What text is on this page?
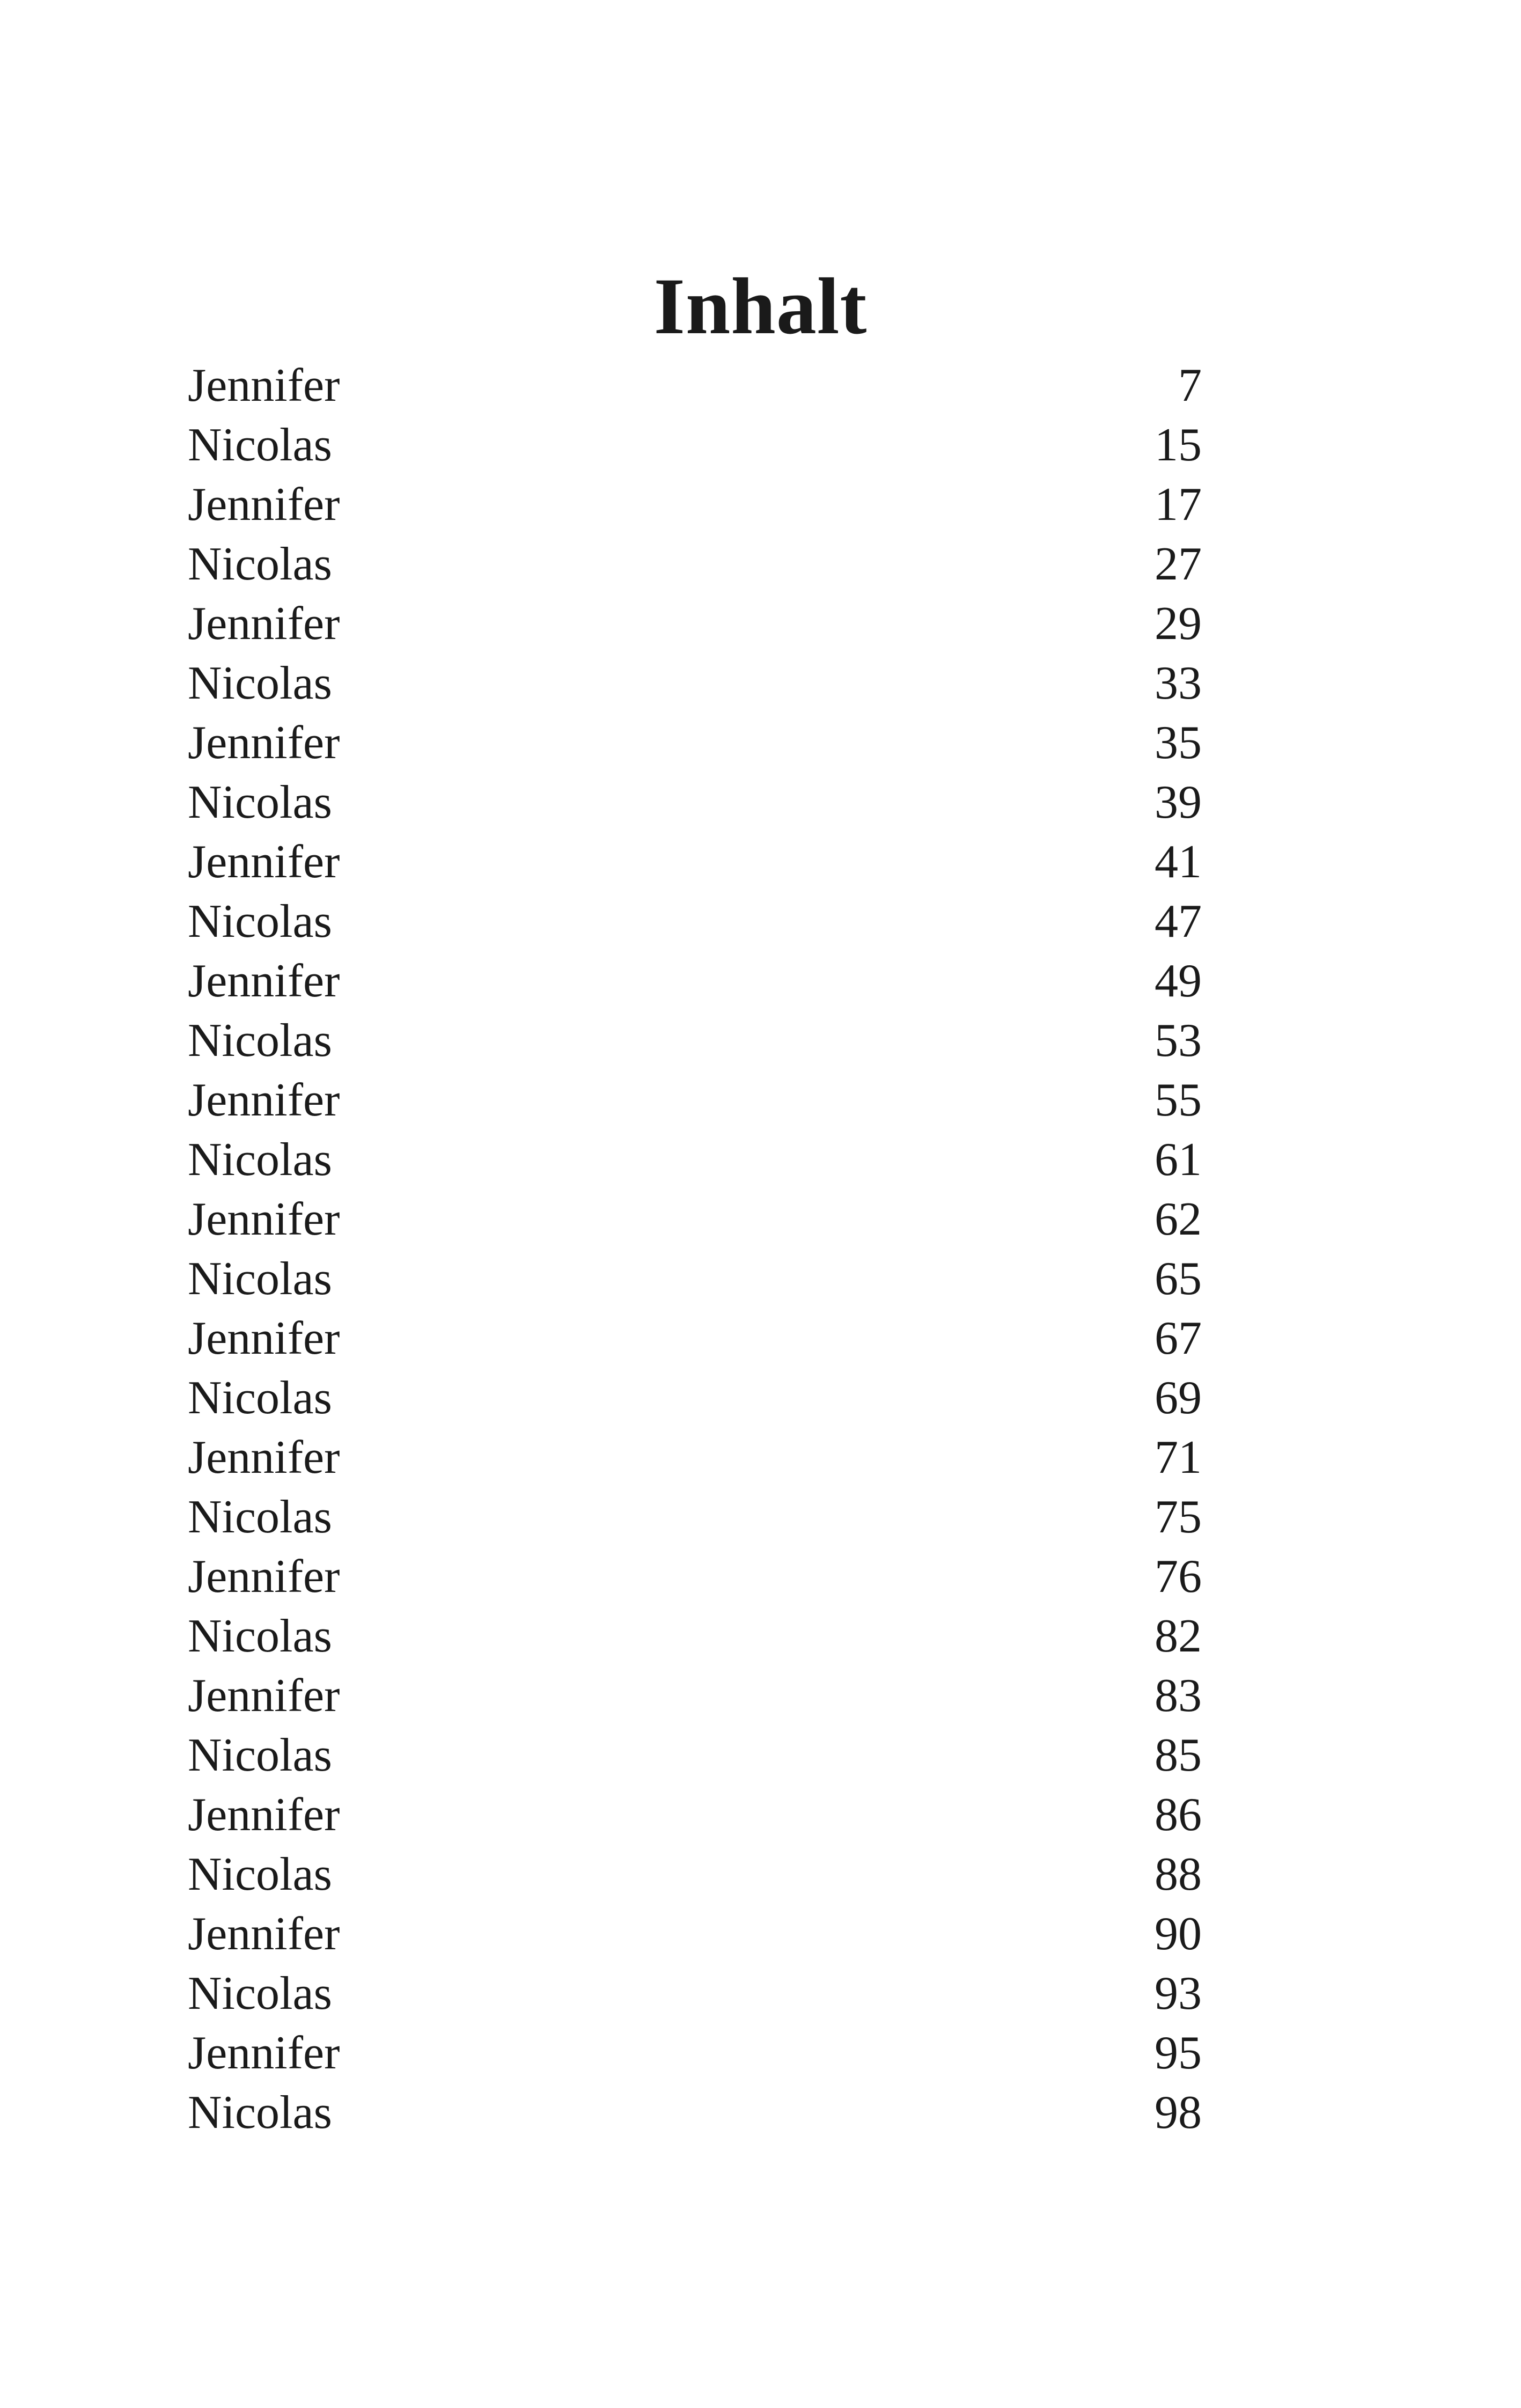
Inhalt
Jennifer	7
Nicolas	15
Jennifer	17
Nicolas	27
Jennifer	29
Nicolas	33
Jennifer	35
Nicolas	39
Jennifer	41
Nicolas	47
Jennifer	49
Nicolas	53
Jennifer	55
Nicolas	61
Jennifer	62
Nicolas	65
Jennifer	67
Nicolas	69
Jennifer	71
Nicolas	75
Jennifer	76
Nicolas	82
Jennifer	83
Nicolas	85
Jennifer	86
Nicolas	88
Jennifer	90
Nicolas	93
Jennifer	95
Nicolas	98
